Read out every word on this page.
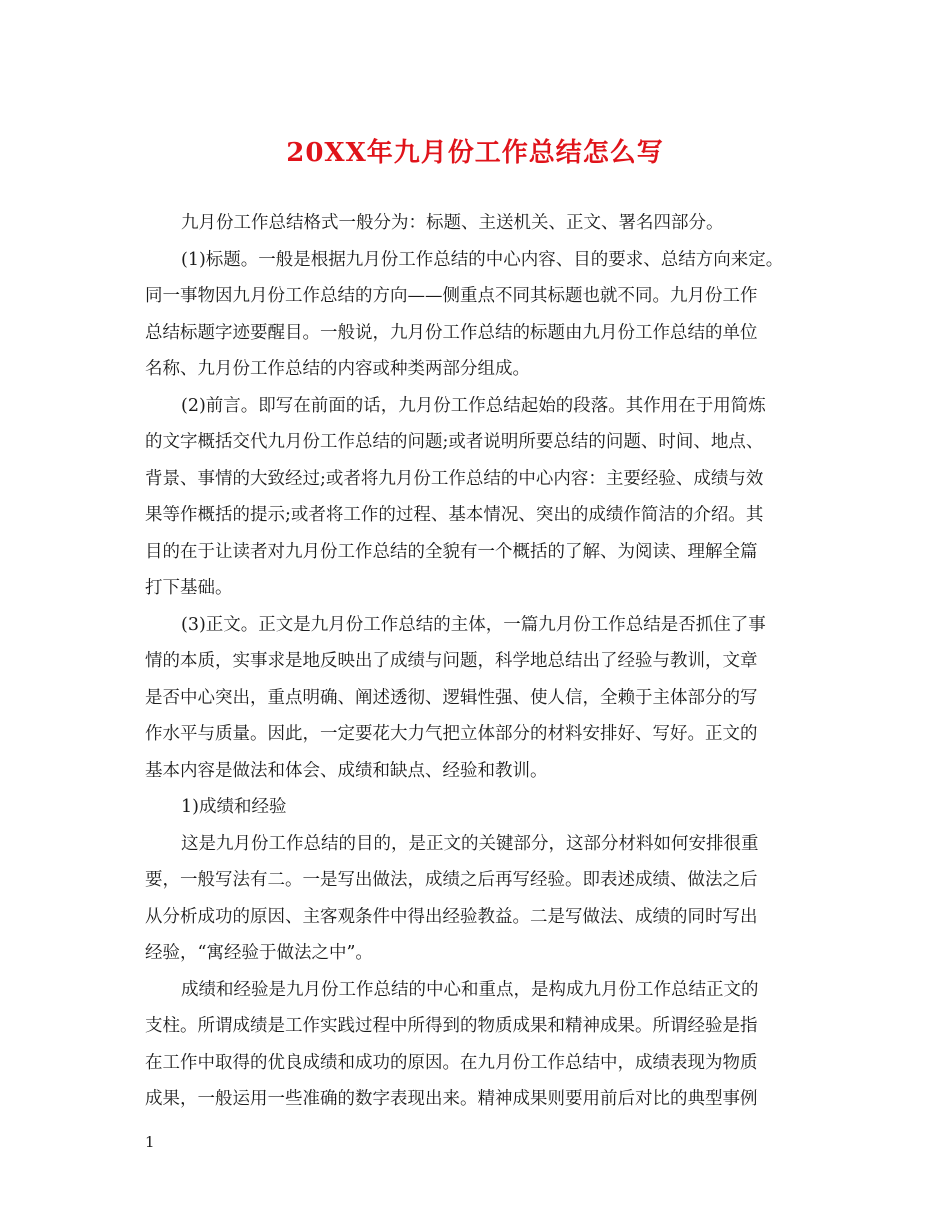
20XX年九月份工作总结怎么写
九月份工作总结格式一般分为：标题、主送机关、正文、署名四部分。
(1)标题。一般是根据九月份工作总结的中心内容、目的要求、总结方向来定。
同一事物因九月份工作总结的方向——侧重点不同其标题也就不同。九月份工作
总结标题字迹要醒目。一般说，九月份工作总结的标题由九月份工作总结的单位
名称、九月份工作总结的内容或种类两部分组成。
(2)前言。即写在前面的话，九月份工作总结起始的段落。其作用在于用简炼
的文字概括交代九月份工作总结的问题;或者说明所要总结的问题、时间、地点、
背景、事情的大致经过;或者将九月份工作总结的中心内容：主要经验、成绩与效
果等作概括的提示;或者将工作的过程、基本情况、突出的成绩作简洁的介绍。其
目的在于让读者对九月份工作总结的全貌有一个概括的了解、为阅读、理解全篇
打下基础。
(3)正文。正文是九月份工作总结的主体，一篇九月份工作总结是否抓住了事
情的本质，实事求是地反映出了成绩与问题，科学地总结出了经验与教训，文章
是否中心突出，重点明确、阐述透彻、逻辑性强、使人信，全赖于主体部分的写
作水平与质量。因此，一定要花大力气把立体部分的材料安排好、写好。正文的
基本内容是做法和体会、成绩和缺点、经验和教训。
1)成绩和经验
这是九月份工作总结的目的，是正文的关键部分，这部分材料如何安排很重
要，一般写法有二。一是写出做法，成绩之后再写经验。即表述成绩、做法之后
从分析成功的原因、主客观条件中得出经验教益。二是写做法、成绩的同时写出
经验，“寓经验于做法之中”。
成绩和经验是九月份工作总结的中心和重点，是构成九月份工作总结正文的
支柱。所谓成绩是工作实践过程中所得到的物质成果和精神成果。所谓经验是指
在工作中取得的优良成绩和成功的原因。在九月份工作总结中，成绩表现为物质
成果，一般运用一些准确的数字表现出来。精神成果则要用前后对比的典型事例
1
